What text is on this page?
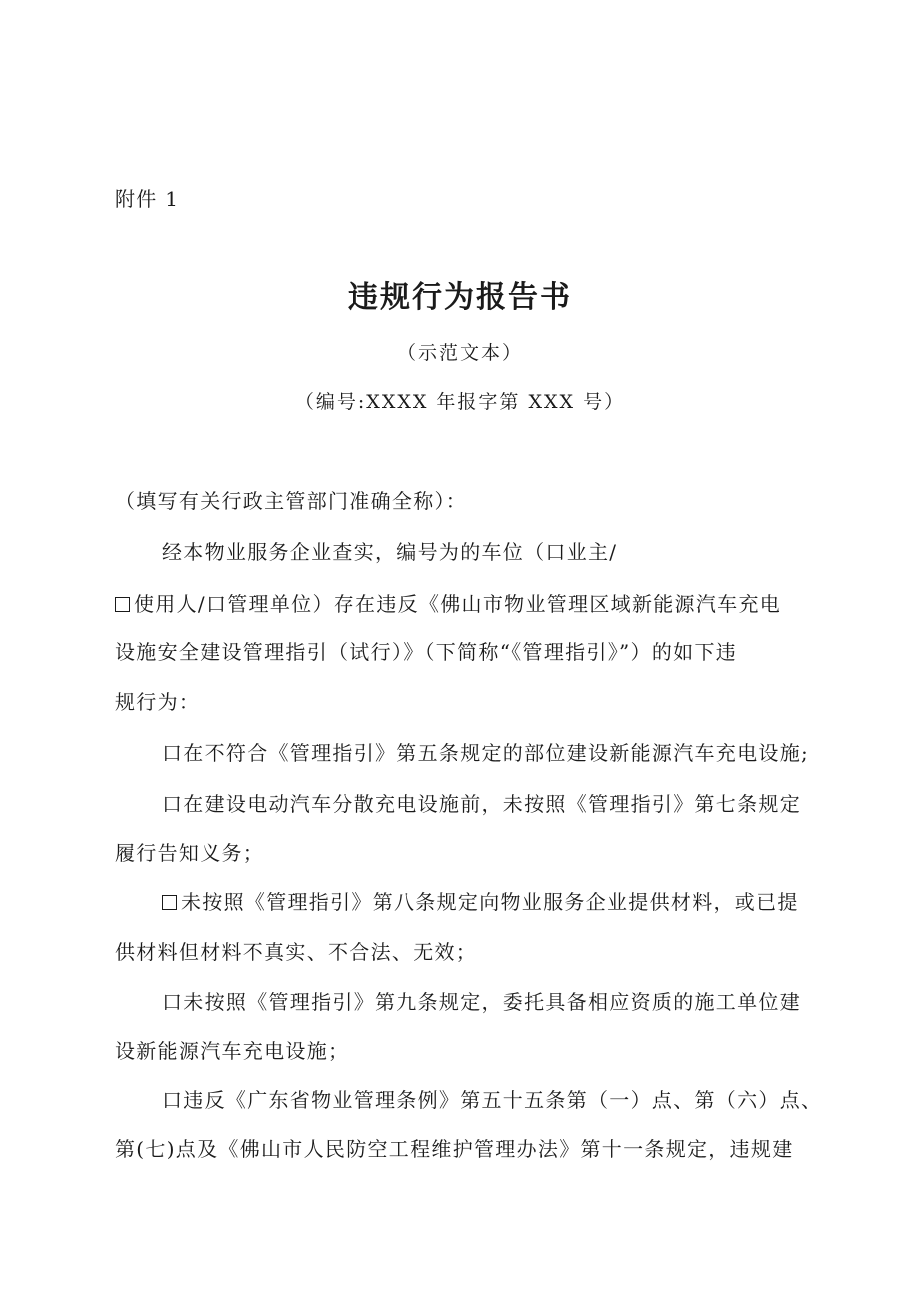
附件 1
违规行为报告书
（示范文本）
（编号:XXXX 年报字第 XXX 号）
（填写有关行政主管部门准确全称）：
经本物业服务企业查实，编号为的车位（口业主/
使用人/口管理单位）存在违反《佛山市物业管理区域新能源汽车充电
设施安全建设管理指引（试行）》（下简称“《管理指引》”）的如下违
规行为：
口在不符合《管理指引》第五条规定的部位建设新能源汽车充电设施;
口在建设电动汽车分散充电设施前，未按照《管理指引》第七条规定
履行告知义务；
未按照《管理指引》第八条规定向物业服务企业提供材料，或已提
供材料但材料不真实、不合法、无效；
口未按照《管理指引》第九条规定，委托具备相应资质的施工单位建
设新能源汽车充电设施；
口违反《广东省物业管理条例》第五十五条第（一）点、第（六）点、
第(七)点及《佛山市人民防空工程维护管理办法》第十一条规定，违规建
